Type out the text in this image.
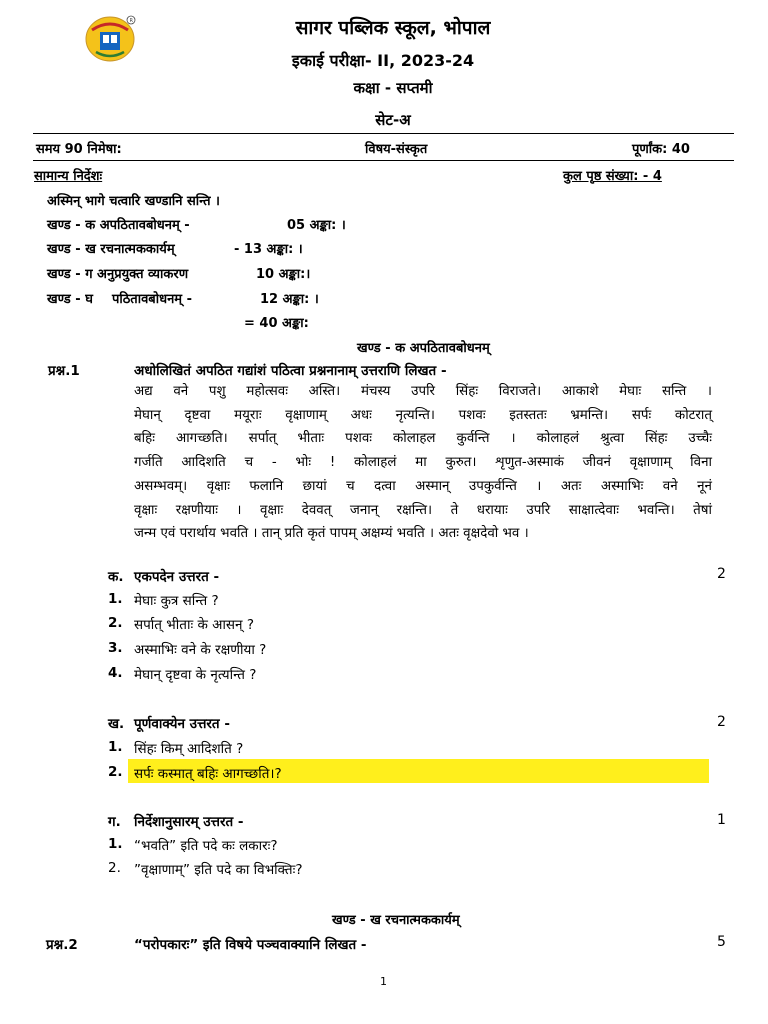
R	सागर पब्लिक स्कूल, भोपाल
इकाई परीक्षा- II, 2023-24
कक्षा - सप्तमी
सेट-अ
समय 90 निमेषा:	विषय-संस्कृत	पूर्णांक: 40
सामान्य निर्देशः	कुल पृष्ठ संख्या: - 4
अस्मिन् भागे चत्वारि खण्डानि सन्ति ।
खण्ड - क अपठितावबोधनम् -	05 अङ्का: ।
खण्ड - ख रचनात्मककार्यम्	- 13 अङ्का: ।
खण्ड - ग अनुप्रयुक्त व्याकरण	10 अङ्का:।
खण्ड - घ पठितावबोधनम् -	12 अङ्का: ।
= 40 अङ्का:
खण्ड - क अपठितावबोधनम्
प्रश्न.1	अधोलिखितं अपठित गद्यांशं पठित्वा प्रश्ननानाम् उत्तराणि लिखत -
अद्य वने पशु महोत्सवः अस्ति। मंचस्य उपरि सिंहः विराजते। आकाशे मेघाः सन्ति ।
मेघान् दृष्टवा मयूराः वृक्षाणाम् अधः नृत्यन्ति। पशवः इतस्ततः भ्रमन्ति। सर्पः कोटरात्
बहिः आगच्छति। सर्पात् भीताः पशवः कोलाहल कुर्वन्ति । कोलाहलं श्रुत्वा सिंहः उच्चैः
गर्जति आदिशति च - भोः ! कोलाहलं मा कुरुत। शृणुत-अस्माकं जीवनं वृक्षाणाम् विना
असम्भवम्। वृक्षाः फलानि छायां च दत्वा अस्मान् उपकुर्वन्ति । अतः अस्माभिः वने नूनं
वृक्षाः रक्षणीयाः । वृक्षाः देववत् जनान् रक्षन्ति। ते धरायाः उपरि साक्षात्देवाः भवन्ति। तेषां
जन्म एवं परार्थाय भवति । तान् प्रति कृतं पापम् अक्षम्यं भवति । अतः वृक्षदेवो भव ।
क. एकपदेन उत्तरत -	2
1. मेघाः कुत्र सन्ति ?
2. सर्पात् भीताः के आसन् ?
3. अस्माभिः वने के रक्षणीया ?
4. मेघान् दृष्टवा के नृत्यन्ति ?
ख. पूर्णवाक्येन उत्तरत -	2
1. सिंहः किम् आदिशति ?
2. सर्पः कस्मात् बहिः आगच्छति।?
ग. निर्देशानुसारम् उत्तरत -	1
1. “भवति” इति पदे कः लकारः?
2. ”वृक्षाणाम्” इति पदे का विभक्तिः?
खण्ड - ख रचनात्मककार्यम्
प्रश्न.2	“परोपकारः” इति विषये पञ्चवाक्यानि लिखत -	5
1
